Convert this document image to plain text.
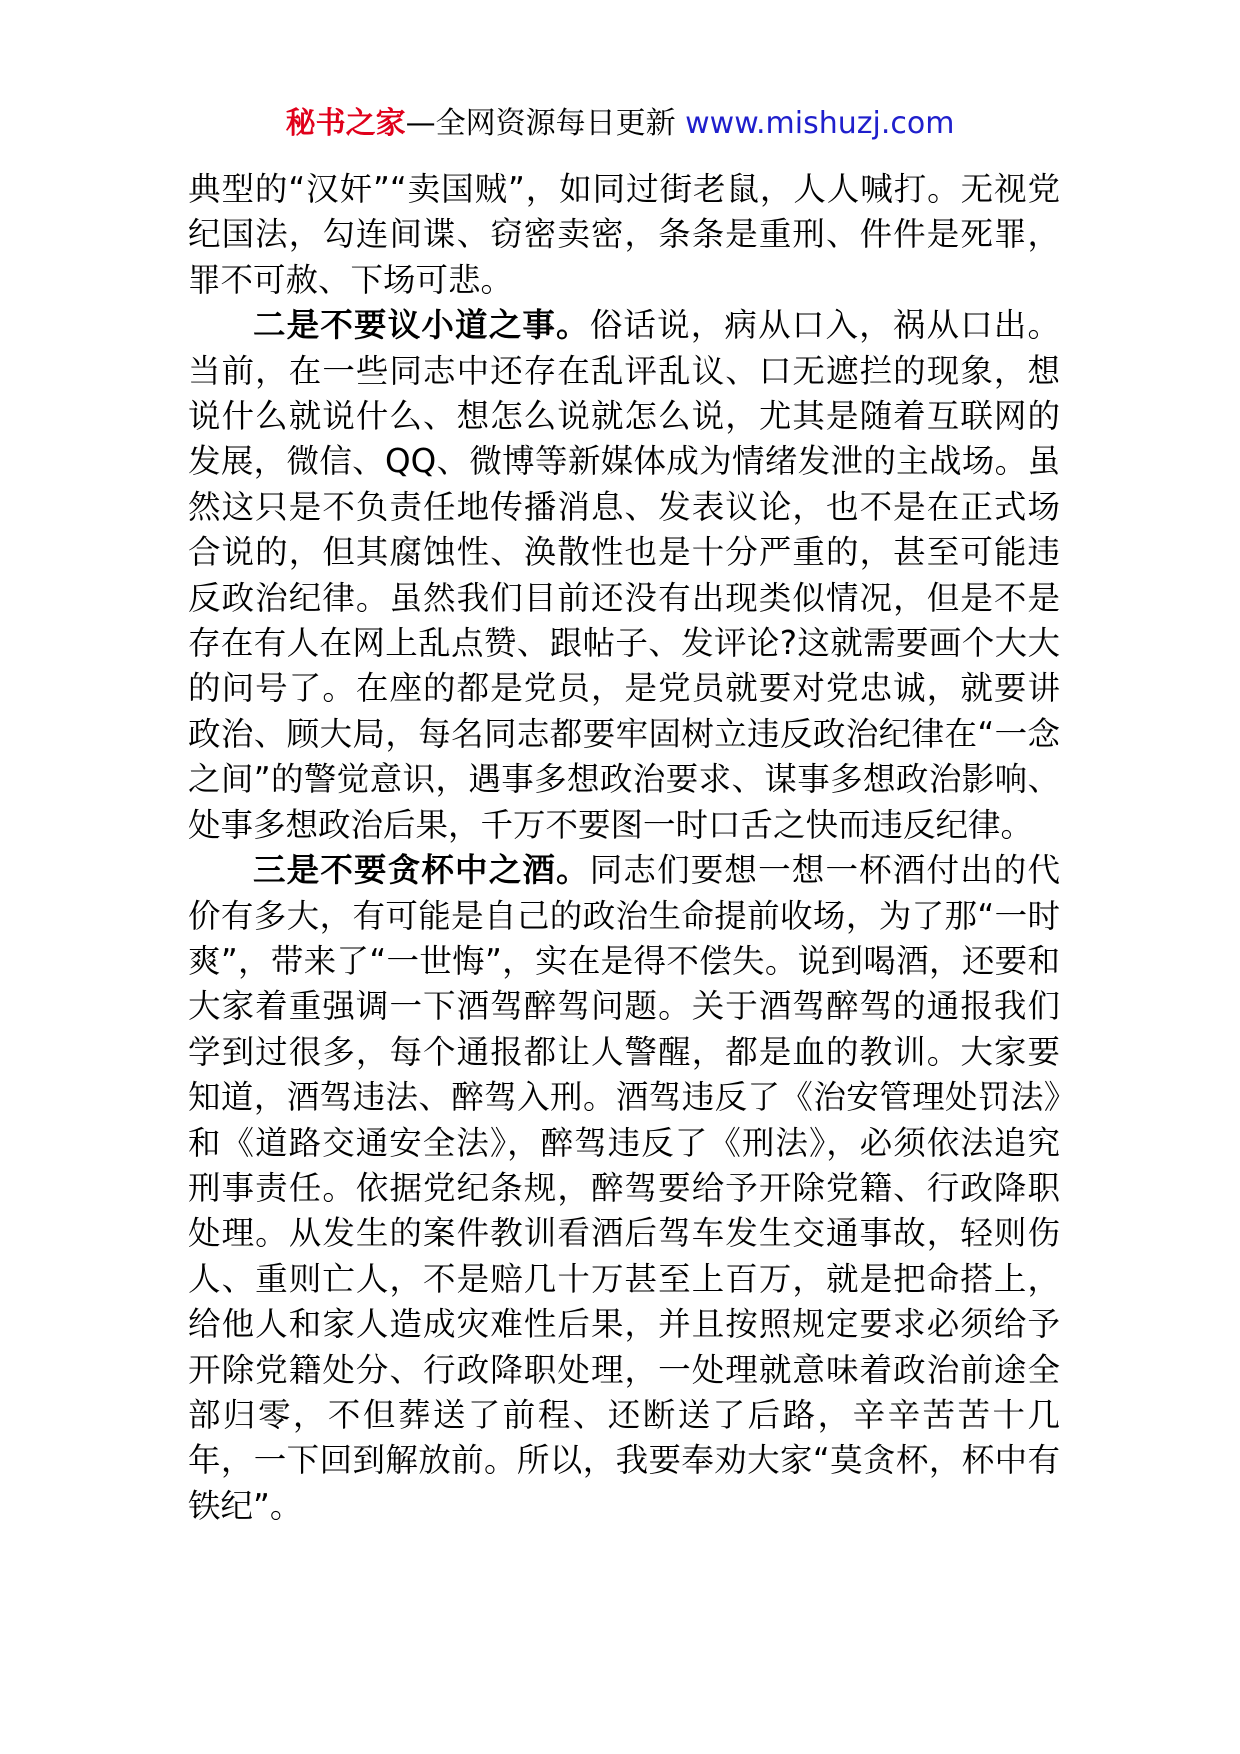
秘书之家—全网资源每日更新 www.mishuzj.com

典型的“汉奸”“卖国贼”，如同过街老鼠，人人喊打。无视党纪国法，勾连间谍、窃密卖密，条条是重刑、件件是死罪，罪不可赦、下场可悲。

二是不要议小道之事。俗话说，病从口入，祸从口出。当前，在一些同志中还存在乱评乱议、口无遮拦的现象，想说什么就说什么、想怎么说就怎么说，尤其是随着互联网的发展，微信、QQ、微博等新媒体成为情绪发泄的主战场。虽然这只是不负责任地传播消息、发表议论，也不是在正式场合说的，但其腐蚀性、涣散性也是十分严重的，甚至可能违反政治纪律。虽然我们目前还没有出现类似情况，但是不是存在有人在网上乱点赞、跟帖子、发评论?这就需要画个大大的问号了。在座的都是党员，是党员就要对党忠诚，就要讲政治、顾大局，每名同志都要牢固树立违反政治纪律在“一念之间”的警觉意识，遇事多想政治要求、谋事多想政治影响、处事多想政治后果，千万不要图一时口舌之快而违反纪律。

三是不要贪杯中之酒。同志们要想一想一杯酒付出的代价有多大，有可能是自己的政治生命提前收场，为了那“一时爽”，带来了“一世悔”，实在是得不偿失。说到喝酒，还要和大家着重强调一下酒驾醉驾问题。关于酒驾醉驾的通报我们学到过很多，每个通报都让人警醒，都是血的教训。大家要知道，酒驾违法、醉驾入刑。酒驾违反了《治安管理处罚法》和《道路交通安全法》，醉驾违反了《刑法》，必须依法追究刑事责任。依据党纪条规，醉驾要给予开除党籍、行政降职处理。从发生的案件教训看酒后驾车发生交通事故，轻则伤人、重则亡人，不是赔几十万甚至上百万，就是把命搭上，给他人和家人造成灾难性后果，并且按照规定要求必须给予开除党籍处分、行政降职处理，一处理就意味着政治前途全部归零，不但葬送了前程、还断送了后路，辛辛苦苦十几年，一下回到解放前。所以，我要奉劝大家“莫贪杯，杯中有铁纪”。
